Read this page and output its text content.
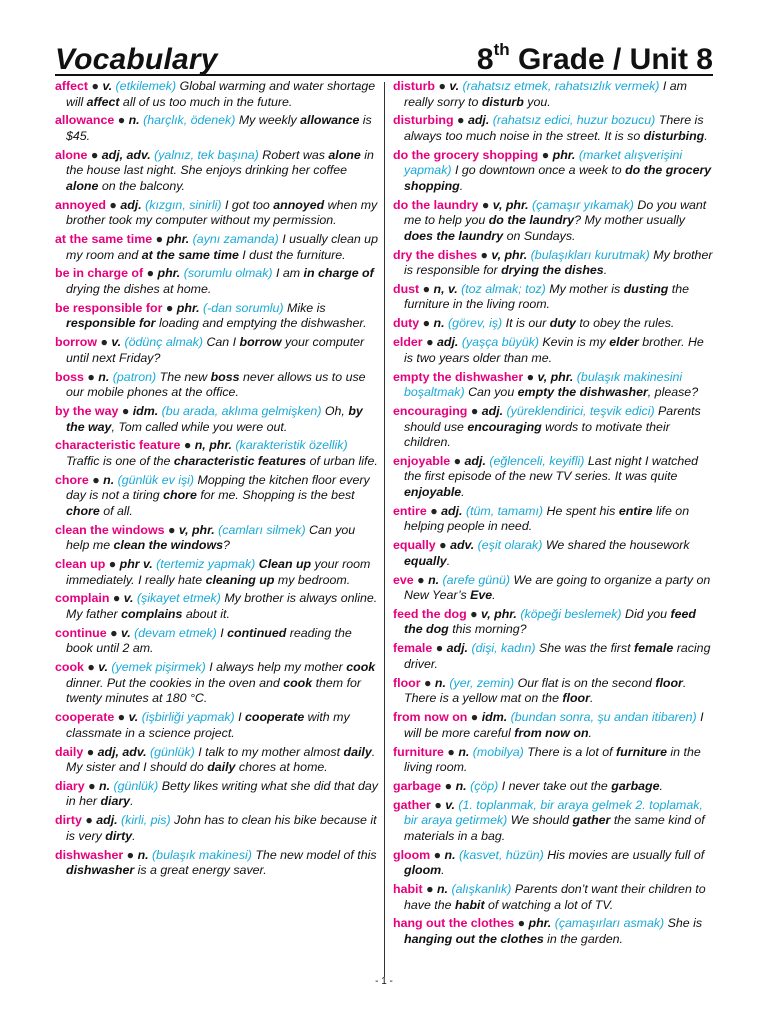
Vocabulary	8th Grade / Unit 8
affect ● v. (etkilemek) Global warming and water shortage will affect all of us too much in the future.
allowance ● n. (harçlık, ödenek) My weekly allowance is $45.
alone ● adj, adv. (yalnız, tek başına) Robert was alone in the house last night. She enjoys drinking her coffee alone on the balcony.
annoyed ● adj. (kızgın, sinirli) I got too annoyed when my brother took my computer without my permission.
at the same time ● phr. (aynı zamanda) I usually clean up my room and at the same time I dust the furniture.
be in charge of ● phr. (sorumlu olmak) I am in charge of drying the dishes at home.
be responsible for ● phr. (-dan sorumlu) Mike is responsible for loading and emptying the dishwasher.
borrow ● v. (ödünç almak) Can I borrow your computer until next Friday?
boss ● n. (patron) The new boss never allows us to use our mobile phones at the office.
by the way ● idm. (bu arada, aklıma gelmişken) Oh, by the way, Tom called while you were out.
characteristic feature ● n, phr. (karakteristik özellik) Traffic is one of the characteristic features of urban life.
chore ● n. (günlük ev işi) Mopping the kitchen floor every day is not a tiring chore for me. Shopping is the best chore of all.
clean the windows ● v, phr. (camları silmek) Can you help me clean the windows?
clean up ● phr v. (tertemiz yapmak) Clean up your room immediately. I really hate cleaning up my bedroom.
complain ● v. (şikayet etmek) My brother is always online. My father complains about it.
continue ● v. (devam etmek) I continued reading the book until 2 am.
cook ● v. (yemek pişirmek) I always help my mother cook dinner. Put the cookies in the oven and cook them for twenty minutes at 180 °C.
cooperate ● v. (işbirliği yapmak) I cooperate with my classmate in a science project.
daily ● adj, adv. (günlük) I talk to my mother almost daily. My sister and I should do daily chores at home.
diary ● n. (günlük) Betty likes writing what she did that day in her diary.
dirty ● adj. (kirli, pis) John has to clean his bike because it is very dirty.
dishwasher ● n. (bulaşık makinesi) The new model of this dishwasher is a great energy saver.
disturb ● v. (rahatsız etmek, rahatsızlık vermek) I am really sorry to disturb you.
disturbing ● adj. (rahatsız edici, huzur bozucu) There is always too much noise in the street. It is so disturbing.
do the grocery shopping ● phr. (market alışverişini yapmak) I go downtown once a week to do the grocery shopping.
do the laundry ● v, phr. (çamaşır yıkamak) Do you want me to help you do the laundry? My mother usually does the laundry on Sundays.
dry the dishes ● v, phr. (bulaşıkları kurutmak) My brother is responsible for drying the dishes.
dust ● n, v. (toz almak; toz) My mother is dusting the furniture in the living room.
duty ● n. (görev, iş) It is our duty to obey the rules.
elder ● adj. (yaşça büyük) Kevin is my elder brother. He is two years older than me.
empty the dishwasher ● v, phr. (bulaşık makinesini boşaltmak) Can you empty the dishwasher, please?
encouraging ● adj. (yüreklendirici, teşvik edici) Parents should use encouraging words to motivate their children.
enjoyable ● adj. (eğlenceli, keyifli) Last night I watched the first episode of the new TV series. It was quite enjoyable.
entire ● adj. (tüm, tamamı) He spent his entire life on helping people in need.
equally ● adv. (eşit olarak) We shared the housework equally.
eve ● n. (arefe günü) We are going to organize a party on New Year’s Eve.
feed the dog ● v, phr. (köpeği beslemek) Did you feed the dog this morning?
female ● adj. (dişi, kadın) She was the first female racing driver.
floor ● n. (yer, zemin) Our flat is on the second floor. There is a yellow mat on the floor.
from now on ● idm. (bundan sonra, şu andan itibaren) I will be more careful from now on.
furniture ● n. (mobilya) There is a lot of furniture in the living room.
garbage ● n. (çöp) I never take out the garbage.
gather ● v. (1. toplanmak, bir araya gelmek 2. toplamak, bir araya getirmek) We should gather the same kind of materials in a bag.
gloom ● n. (kasvet, hüzün) His movies are usually full of gloom.
habit ● n. (alışkanlık) Parents don’t want their children to have the habit of watching a lot of TV.
hang out the clothes ● phr. (çamaşırları asmak) She is hanging out the clothes in the garden.
- 1 -
